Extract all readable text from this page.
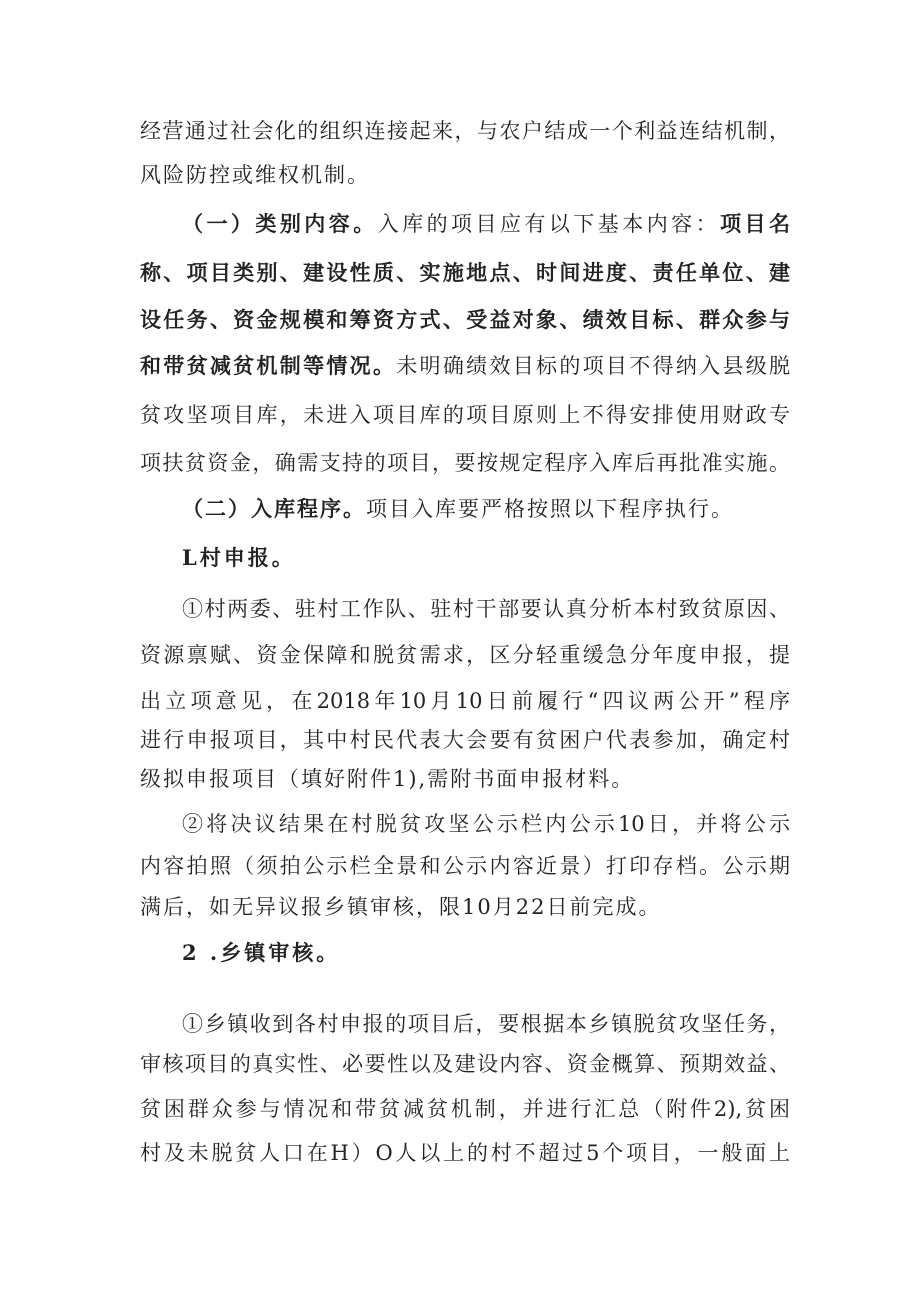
经营通过社会化的组织连接起来，与农户结成一个利益连结机制，
风险防控或维权机制。
（一）类别内容。入库的项目应有以下基本内容：项目名
称、项目类别、建设性质、实施地点、时间进度、责任单位、建
设任务、资金规模和筹资方式、受益对象、绩效目标、群众参与
和带贫减贫机制等情况。未明确绩效目标的项目不得纳入县级脱
贫攻坚项目库，未进入项目库的项目原则上不得安排使用财政专
项扶贫资金，确需支持的项目，要按规定程序入库后再批准实施。
（二）入库程序。项目入库要严格按照以下程序执行。
L村申报。
①村两委、驻村工作队、驻村干部要认真分析本村致贫原因、
资源禀赋、资金保障和脱贫需求，区分轻重缓急分年度申报，提
出立项意见，在2018年10月10日前履行“四议两公开”程序
进行申报项目，其中村民代表大会要有贫困户代表参加，确定村
级拟申报项目（填好附件1),需附书面申报材料。
②将决议结果在村脱贫攻坚公示栏内公示10日，并将公示
内容拍照（须拍公示栏全景和公示内容近景）打印存档。公示期
满后，如无异议报乡镇审核，限10月22日前完成。
2 .乡镇审核。
①乡镇收到各村申报的项目后，要根据本乡镇脱贫攻坚任务，
审核项目的真实性、必要性以及建设内容、资金概算、预期效益、
贫困群众参与情况和带贫减贫机制，并进行汇总（附件2),贫困
村及未脱贫人口在H）O人以上的村不超过5个项目，一般面上
